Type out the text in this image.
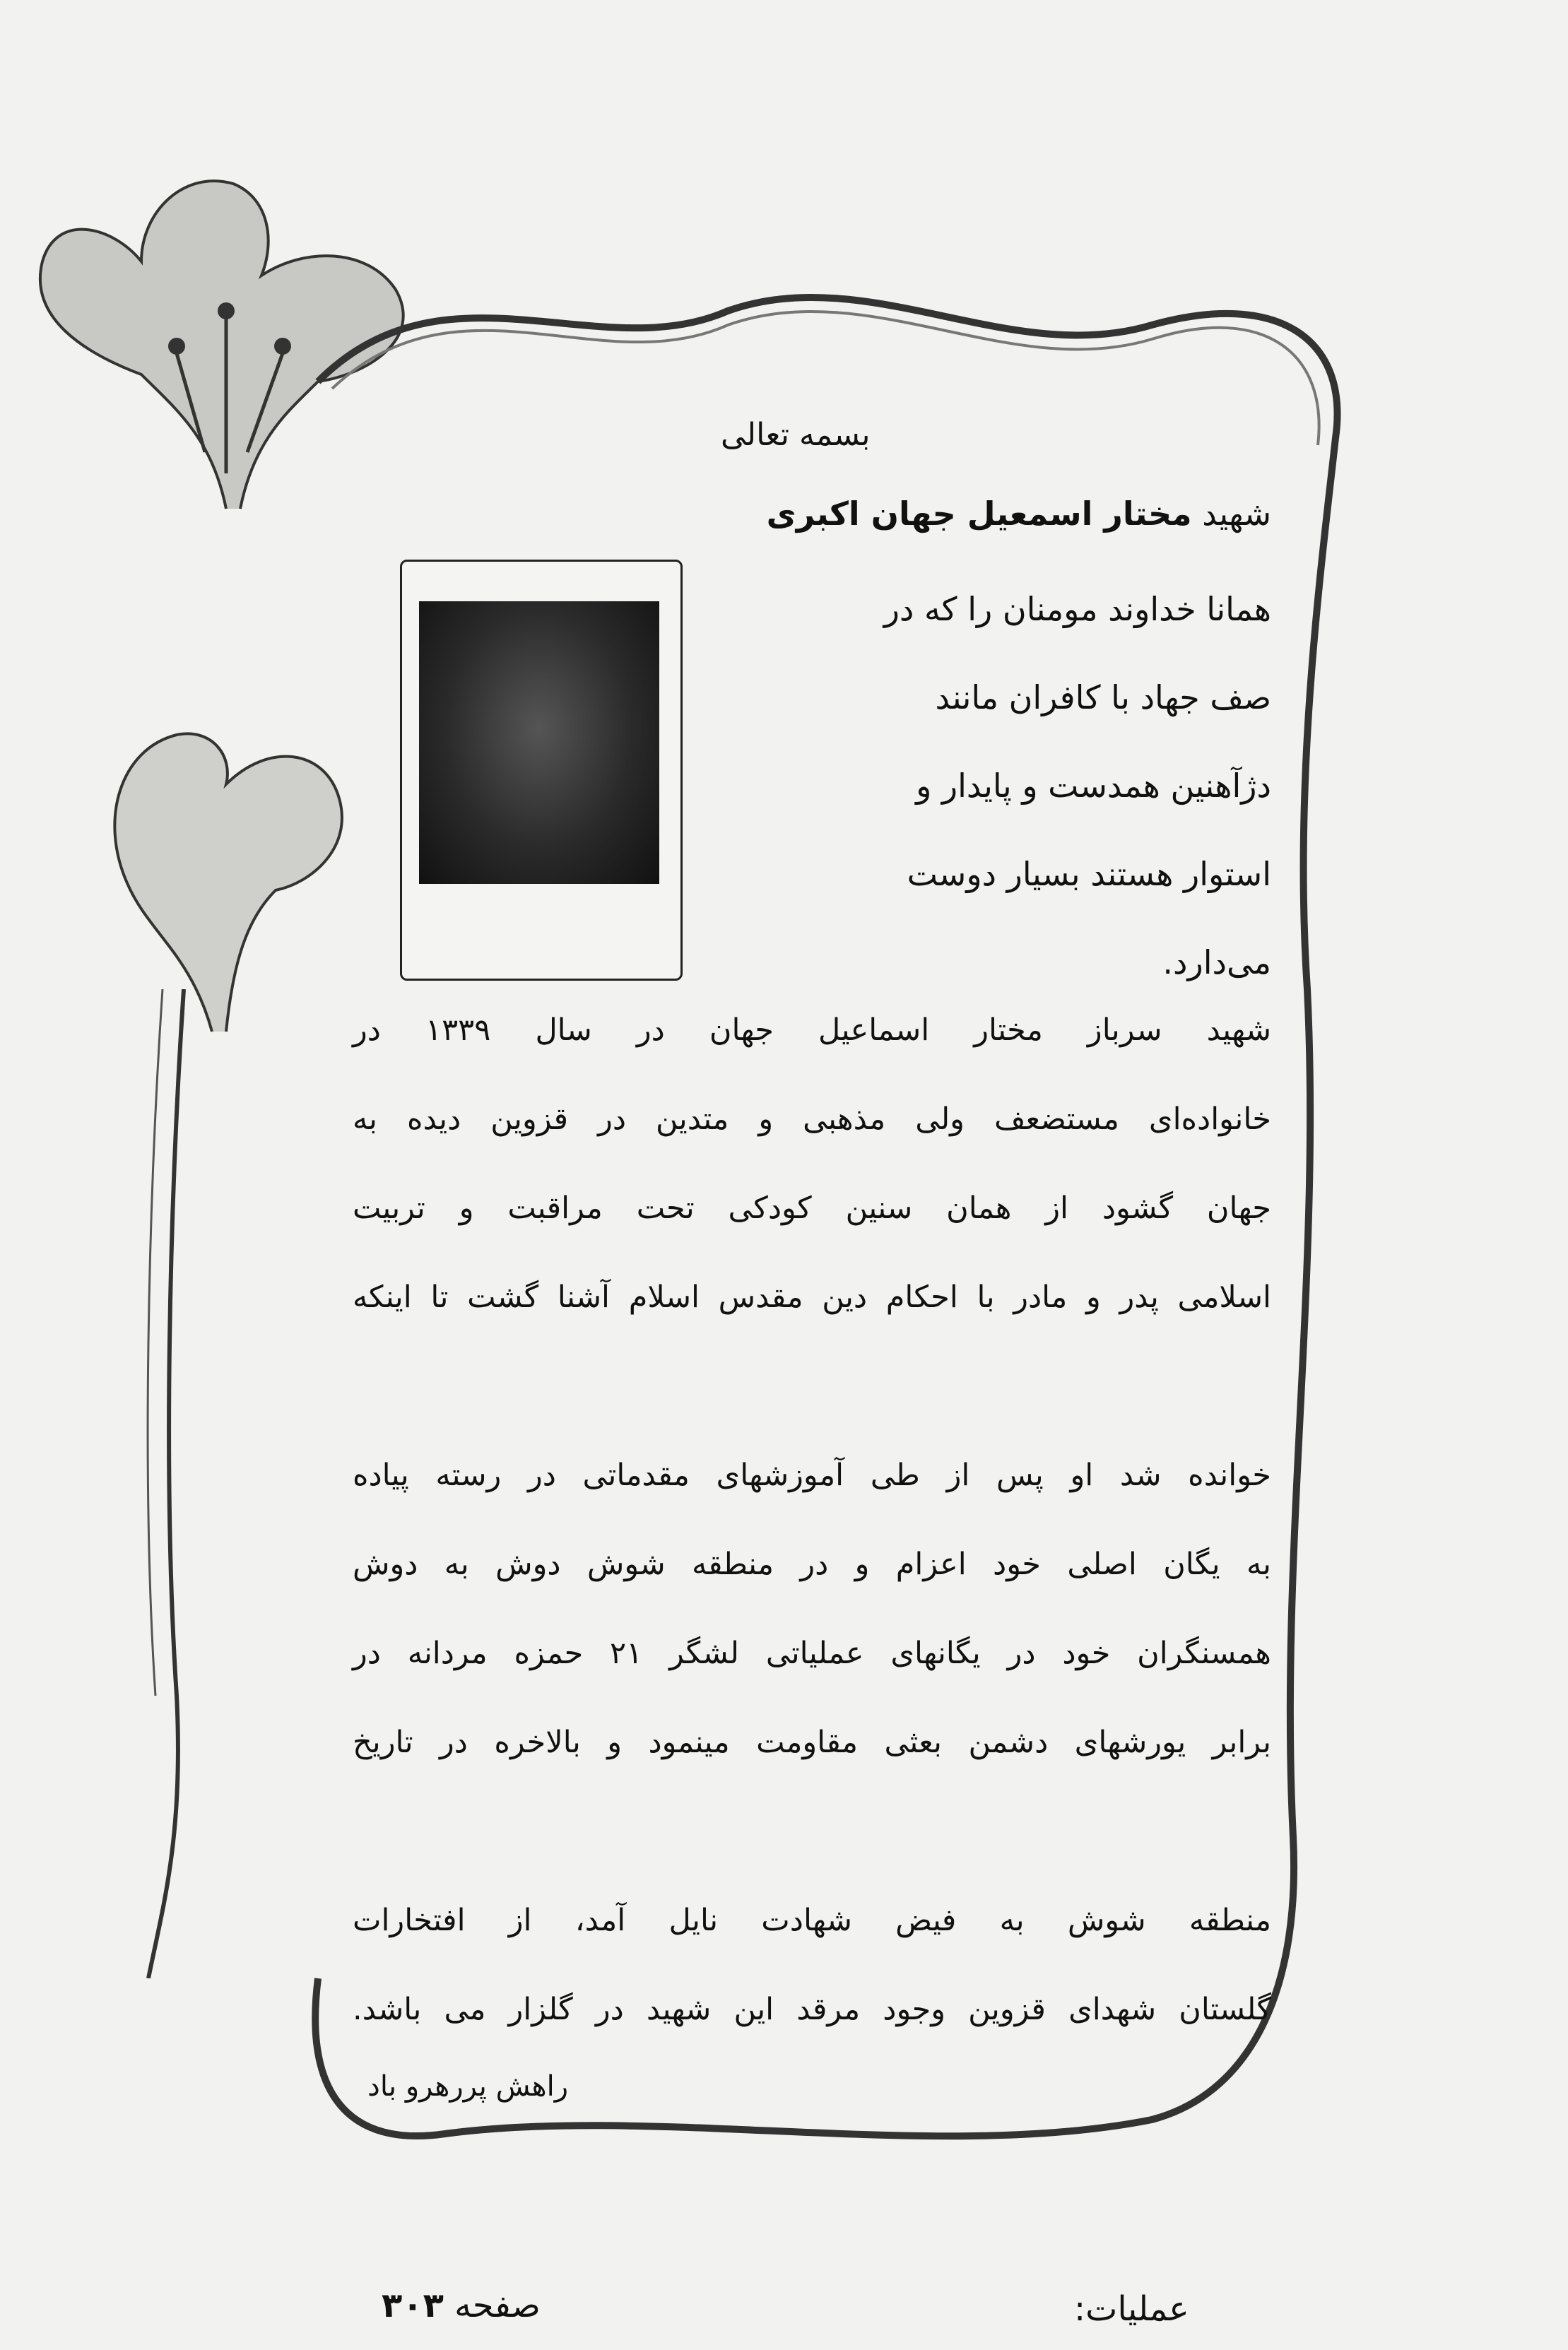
بسمه تعالی
شهید مختار اسمعیل جهان اکبری
همانا خداوند مومنان را که در
صف جهاد با کافران مانند
دژآهنین همدست و پایدار و
استوار هستند بسیار دوست
می‌دارد.

شهید سرباز مختار اسماعیل جهان در سال ۱۳۳۹ در

خانواده‌ای مستضعف ولی مذهبی و متدین در قزوین دیده به

جهان گشود از همان سنین کودکی تحت مراقبت و تربیت

اسلامی پدر و مادر با احکام دین مقدس اسلام آشنا گشت تا اینکه

خوانده شد او پس از طی آموزشهای مقدماتی در رسته پیاده

به یگان اصلی خود اعزام و در منطقه شوش دوش به دوش

همسنگران خود در یگانهای عملیاتی لشگر ۲۱ حمزه مردانه در

برابر یورشهای دشمن بعثی مقاومت مینمود و بالاخره در تاریخ

منطقه شوش به فیض شهادت نایل آمد، از افتخارات

گلستان شهدای قزوین وجود مرقد این شهید در گلزار می باشد.

راهش پررهرو باد
صفحه ۳۰۳	عملیات:
